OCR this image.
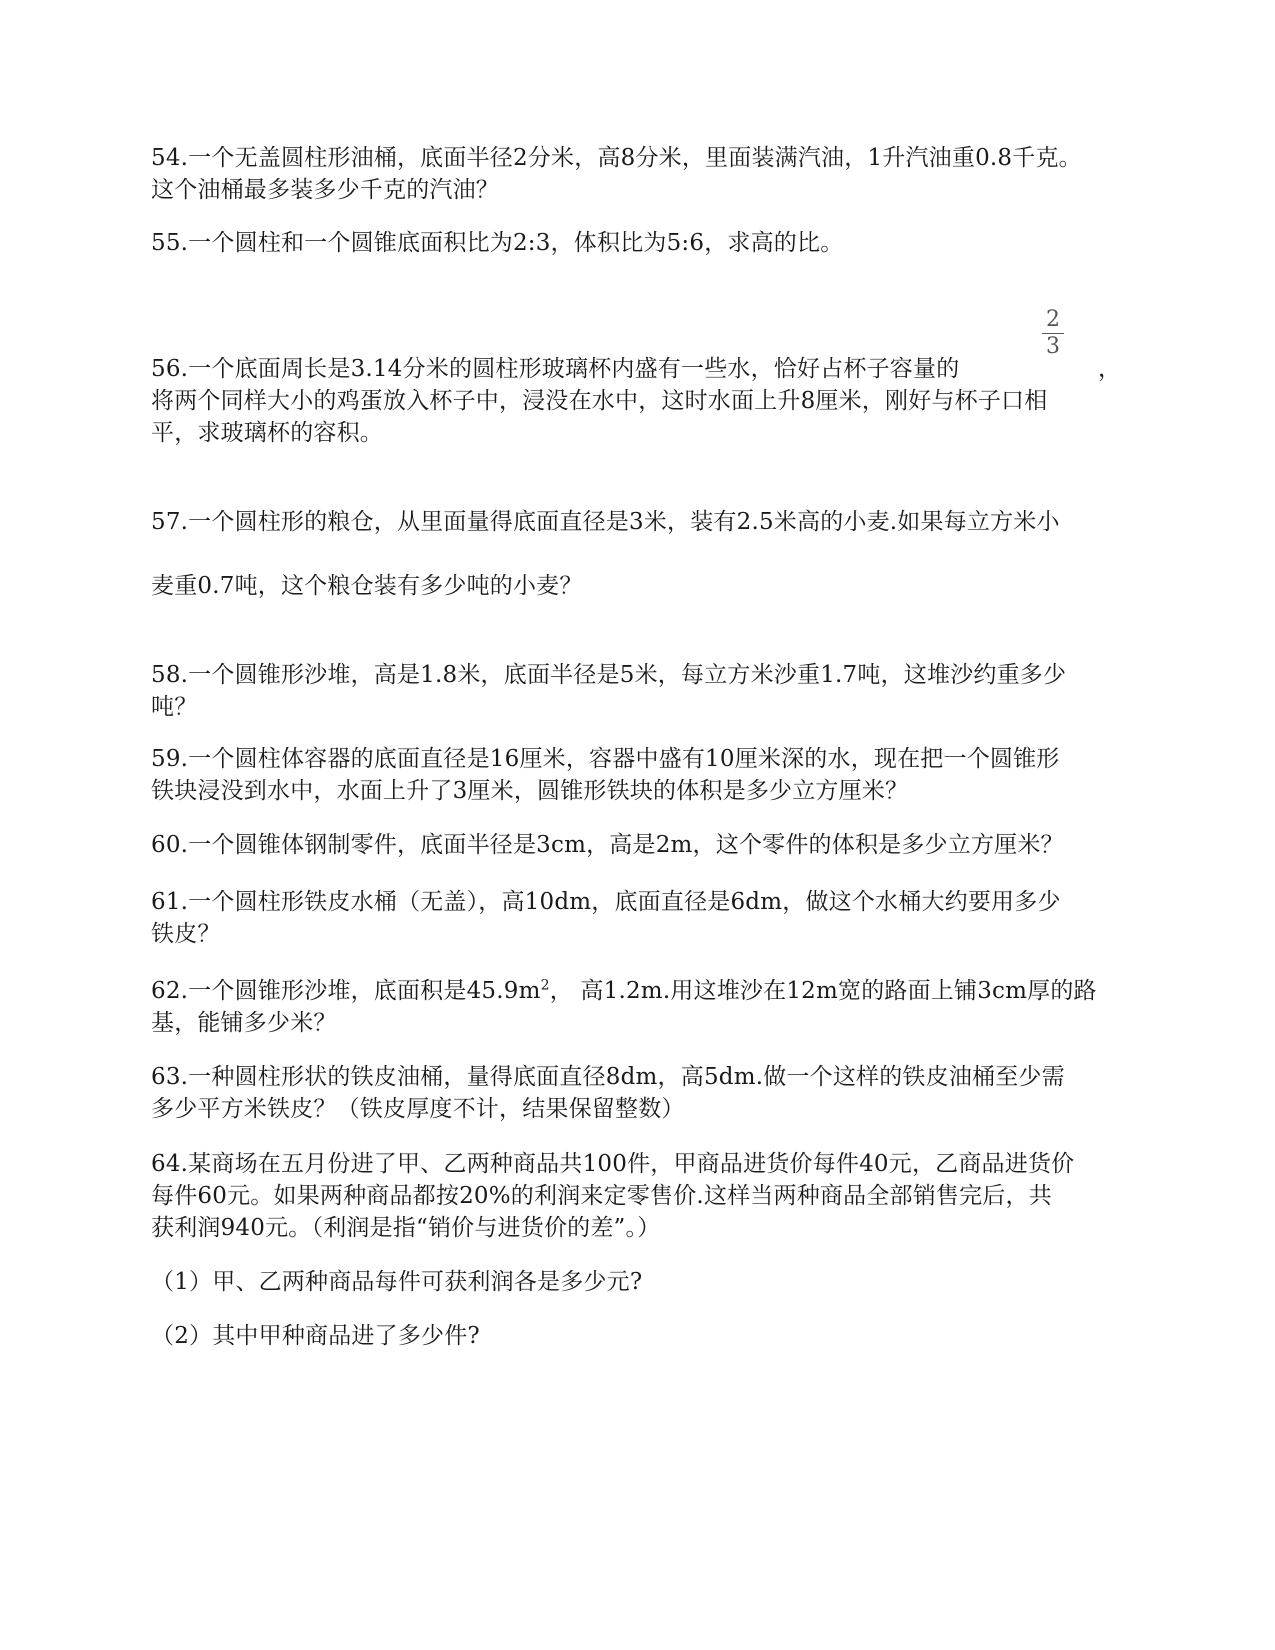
54.一个无盖圆柱形油桶，底面半径2分米，高8分米，里面装满汽油，1升汽油重0.8千克。
这个油桶最多装多少千克的汽油？
55.一个圆柱和一个圆锥底面积比为2:3，体积比为5:6，求高的比。
2
3
56.一个底面周长是3.14分米的圆柱形玻璃杯内盛有一些水，恰好占杯子容量的	，
将两个同样大小的鸡蛋放入杯子中，浸没在水中，这时水面上升8厘米，刚好与杯子口相
平，求玻璃杯的容积。
57.一个圆柱形的粮仓，从里面量得底面直径是3米，装有2.5米高的小麦.如果每立方米小
麦重0.7吨，这个粮仓装有多少吨的小麦？
58.一个圆锥形沙堆，高是1.8米，底面半径是5米，每立方米沙重1.7吨，这堆沙约重多少
吨？
59.一个圆柱体容器的底面直径是16厘米，容器中盛有10厘米深的水，现在把一个圆锥形
铁块浸没到水中，水面上升了3厘米，圆锥形铁块的体积是多少立方厘米？
60.一个圆锥体钢制零件，底面半径是3cm，高是2m，这个零件的体积是多少立方厘米？
61.一个圆柱形铁皮水桶（无盖），高10dm，底面直径是6dm，做这个水桶大约要用多少
铁皮？
62.一个圆锥形沙堆，底面积是$45.9m^2$， 高1.2m.用这堆沙在12m宽的路面上铺3cm厚的路
基，能铺多少米？
63.一种圆柱形状的铁皮油桶，量得底面直径8dm，高5dm.做一个这样的铁皮油桶至少需
多少平方米铁皮？（铁皮厚度不计，结果保留整数）
64.某商场在五月份进了甲、乙两种商品共100件，甲商品进货价每件40元，乙商品进货价
每件60元。如果两种商品都按20%的利润来定零售价.这样当两种商品全部销售完后，共
获利润940元。（利润是指“销价与进货价的差”。）
（1）甲、乙两种商品每件可获利润各是多少元?
（2）其中甲种商品进了多少件?
